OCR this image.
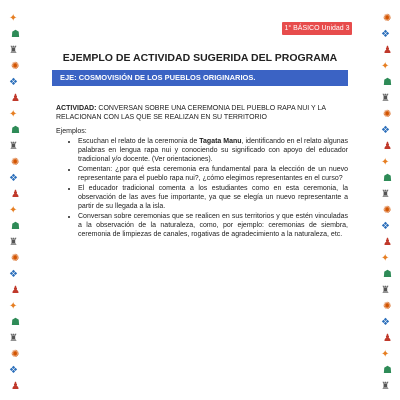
✦
☗
♜
✺
❖
♟
✦
☗
♜
✺
❖
♟
✦
☗
♜
✺
❖
♟
✦
☗
♜
✺
❖
♟
✺
❖
♟
✦
☗
♜
✺
❖
♟
✦
☗
♜
✺
❖
♟
✦
☗
♜
✺
❖
♟
✦
☗
♜
1° BÁSICO Unidad 3
EJEMPLO DE ACTIVIDAD SUGERIDA DEL PROGRAMA
EJE: COSMOVISIÓN DE LOS PUEBLOS ORIGINARIOS.
ACTIVIDAD: CONVERSAN SOBRE UNA CEREMONIA DEL PUEBLO RAPA NUI Y LA RELACIONAN CON LAS QUE SE REALIZAN EN SU TERRITORIO
Ejemplos:
• Escuchan el relato de la ceremonia de Tagata Manu, identificando en el relato algunas palabras en lengua rapa nui y conociendo su significado con apoyo del educador tradicional y/o docente. (Ver orientaciones).
• Comentan: ¿por qué esta ceremonia era fundamental para la elección de un nuevo representante para el pueblo rapa nui?, ¿cómo elegimos representantes en el curso?
• El educador tradicional comenta a los estudiantes como en esta ceremonia, la observación de las aves fue importante, ya que se elegía un nuevo representante a partir de su llegada a la isla.
• Conversan sobre ceremonias que se realicen en sus territorios y que estén vinculadas a la observación de la naturaleza, como, por ejemplo: ceremonias de siembra, ceremonia de limpiezas de canales, rogativas de agradecimiento a la naturaleza, etc.
